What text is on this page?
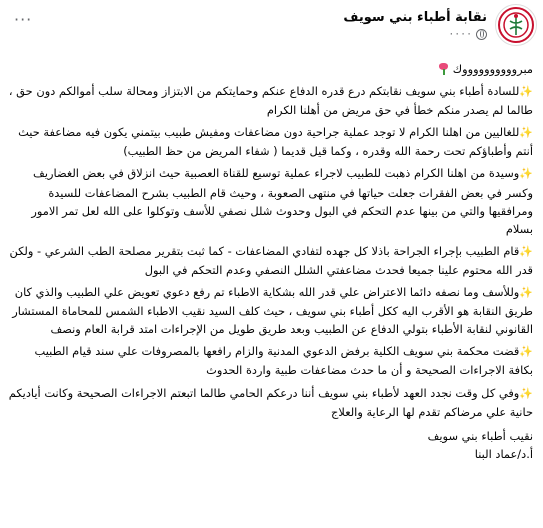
نقابة أطباء بني سويف
٠٠٠٠
···

مبرووووووووووك

✨للسادة أطباء بني سويف نقابتكم درع قدره الدفاع عنكم وحمايتكم من الابتزاز ومحالة سلب أموالكم دون حق ، طالما لم يصدر منكم خطأ في حق مريض من أهلنا الكرام

✨للغاليين من اهلنا الكرام لا توجد عملية جراحية دون مضاعفات ومفيش طبيب بيتمني يكون فيه مضاعفة حيث أنتم وأطباؤكم تحت رحمة الله وقدره ، وكما قيل قديما ( شفاء المريض من حظ الطبيب)

✨وسيدة من اهلنا الكرام ذهبت للطبيب لاجراء عملية توسيع للقناة العصبية حيث انزلاق في بعض الغضاريف وكسر في بعض الفقرات جعلت حياتها في منتهى الصعوبة ، وحيث قام الطبيب بشرح المضاعفات للسيدة ومرافقيها والتي من بينها عدم التحكم في البول وحدوث شلل نصفي للأسف وتوكلوا على الله لعل تمر الامور بسلام

✨قام الطبيب بإجراء الجراحة باذلا كل جهده لتفادي المضاعفات - كما ثبت بتقرير مصلحة الطب الشرعي - ولكن قدر الله محتوم علينا جميعا فحدث مضاعفتي الشلل النصفي وعدم التحكم في البول

✨وللأسف وما نصفه دائما الاعتراض علي قدر الله بشكاية الاطباء تم رفع دعوي تعويض علي الطبيب والذي كان طريق النقابة هو الأقرب اليه ككل أطباء بني سويف ، حيث كلف السيد نقيب الاطباء الشمس للمحاماة المستشار القانوني لنقابة الأطباء بتولي الدفاع عن الطبيب وبعد طريق طويل من الإجراءات امتد قرابة العام ونصف

✨قضت محكمة بني سويف الكلية برفض الدعوي المدنية والزام رافعها بالمصروفات علي سند قيام الطبيب بكافة الاجراءات الصحيحة و أن ما حدث مضاعفات طبية واردة الحدوث

✨وفي كل وقت نجدد العهد لأطباء بني سويف أننا درعكم الحامي طالما اتبعتم الاجراءات الصحيحة وكانت أياديكم حانية علي مرضاكم تقدم لها الرعاية والعلاج

نقيب أطباء بني سويف
أ.د/عماد البنا
